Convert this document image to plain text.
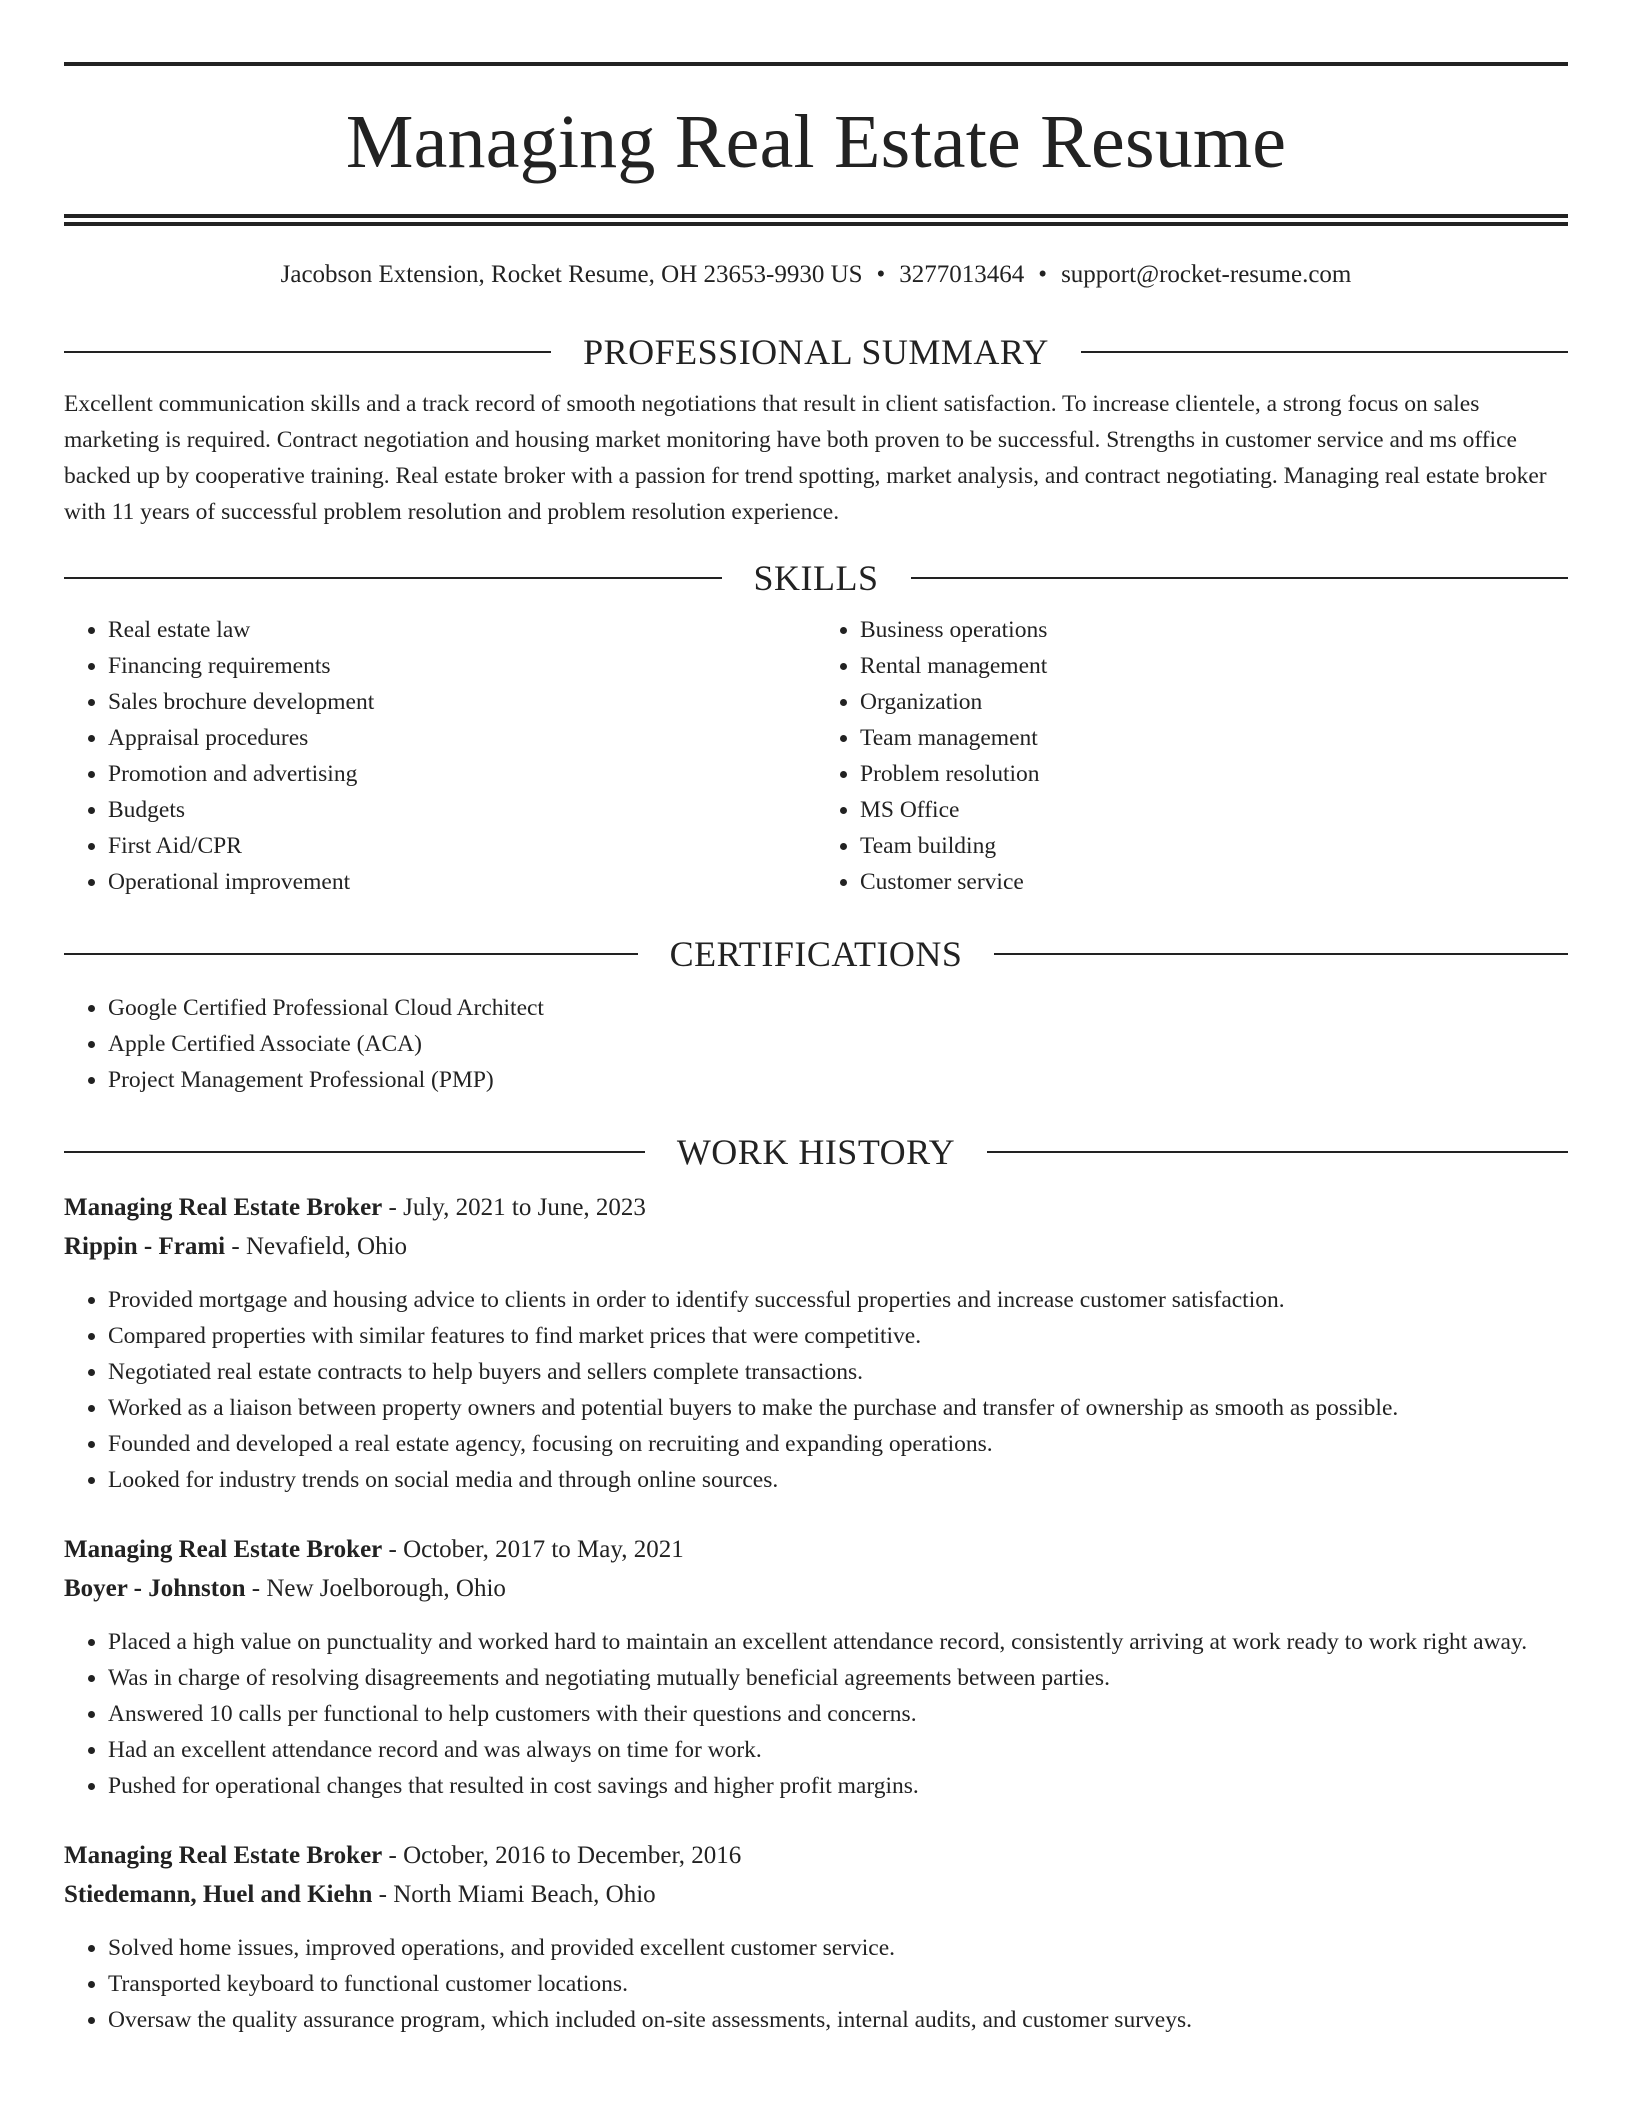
Managing Real Estate Resume
Jacobson Extension, Rocket Resume, OH 23653-9930 US • 3277013464 • support@rocket-resume.com
PROFESSIONAL SUMMARY

Excellent communication skills and a track record of smooth negotiations that result in client satisfaction. To increase clientele, a strong focus on sales marketing is required. Contract negotiation and housing market monitoring have both proven to be successful. Strengths in customer service and ms office backed up by cooperative training. Real estate broker with a passion for trend spotting, market analysis, and contract negotiating. Managing real estate broker with 11 years of successful problem resolution and problem resolution experience.

SKILLS
• Real estate law
• Financing requirements
• Sales brochure development
• Appraisal procedures
• Promotion and advertising
• Budgets
• First Aid/CPR
• Operational improvement
• Business operations
• Rental management
• Organization
• Team management
• Problem resolution
• MS Office
• Team building
• Customer service
CERTIFICATIONS
• Google Certified Professional Cloud Architect
• Apple Certified Associate (ACA)
• Project Management Professional (PMP)
WORK HISTORY
Managing Real Estate Broker - July, 2021 to June, 2023
Rippin - Frami - Nevafield, Ohio
• Provided mortgage and housing advice to clients in order to identify successful properties and increase customer satisfaction.
• Compared properties with similar features to find market prices that were competitive.
• Negotiated real estate contracts to help buyers and sellers complete transactions.
• Worked as a liaison between property owners and potential buyers to make the purchase and transfer of ownership as smooth as possible.
• Founded and developed a real estate agency, focusing on recruiting and expanding operations.
• Looked for industry trends on social media and through online sources.
Managing Real Estate Broker - October, 2017 to May, 2021
Boyer - Johnston - New Joelborough, Ohio
• Placed a high value on punctuality and worked hard to maintain an excellent attendance record, consistently arriving at work ready to work right away.
• Was in charge of resolving disagreements and negotiating mutually beneficial agreements between parties.
• Answered 10 calls per functional to help customers with their questions and concerns.
• Had an excellent attendance record and was always on time for work.
• Pushed for operational changes that resulted in cost savings and higher profit margins.
Managing Real Estate Broker - October, 2016 to December, 2016
Stiedemann, Huel and Kiehn - North Miami Beach, Ohio
• Solved home issues, improved operations, and provided excellent customer service.
• Transported keyboard to functional customer locations.
• Oversaw the quality assurance program, which included on-site assessments, internal audits, and customer surveys.
